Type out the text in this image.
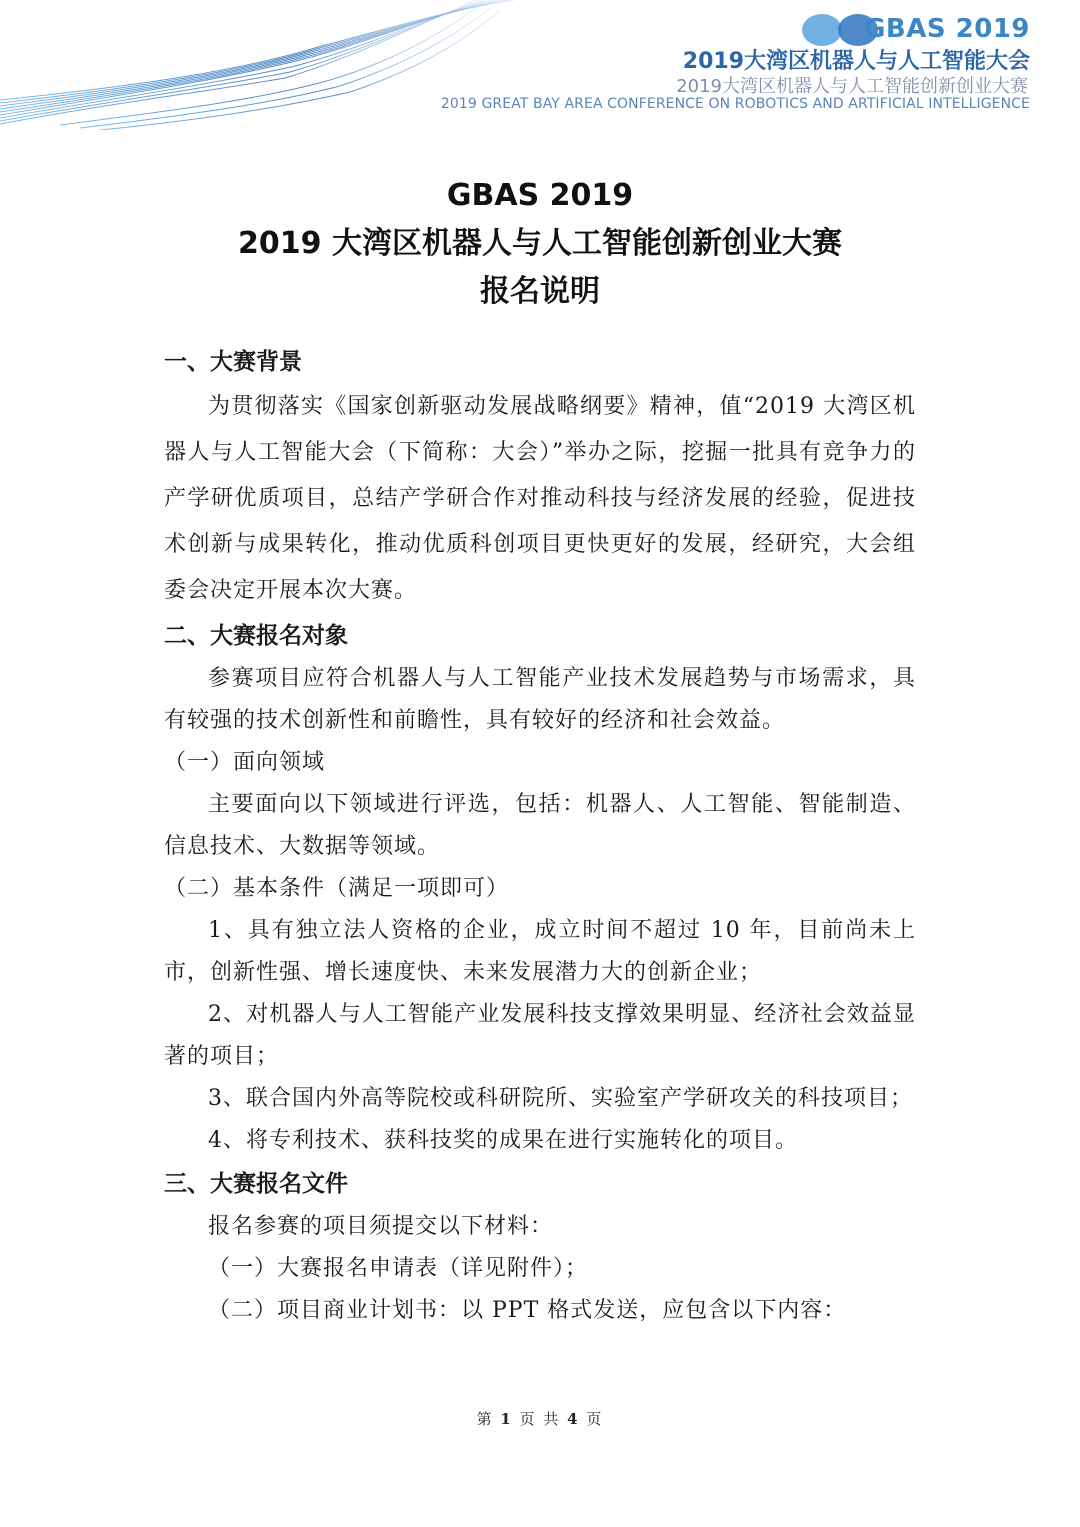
GBAS 2019
2019大湾区机器人与人工智能大会
2019大湾区机器人与人工智能创新创业大赛
2019 GREAT BAY AREA CONFERENCE ON ROBOTICS AND ARTIFICIAL INTELLIGENCE
GBAS 2019
2019 大湾区机器人与人工智能创新创业大赛
报名说明

一、大赛背景

为贯彻落实《国家创新驱动发展战略纲要》精神，值“2019 大湾区机器人与人工智能大会（下简称：大会）”举办之际，挖掘一批具有竞争力的产学研优质项目，总结产学研合作对推动科技与经济发展的经验，促进技术创新与成果转化，推动优质科创项目更快更好的发展，经研究，大会组委会决定开展本次大赛。

二、大赛报名对象

参赛项目应符合机器人与人工智能产业技术发展趋势与市场需求，具有较强的技术创新性和前瞻性，具有较好的经济和社会效益。

（一）面向领域

主要面向以下领域进行评选，包括：机器人、人工智能、智能制造、信息技术、大数据等领域。

（二）基本条件（满足一项即可）

1、具有独立法人资格的企业，成立时间不超过 10 年，目前尚未上市，创新性强、增长速度快、未来发展潜力大的创新企业；

2、对机器人与人工智能产业发展科技支撑效果明显、经济社会效益显著的项目；

3、联合国内外高等院校或科研院所、实验室产学研攻关的科技项目；

4、将专利技术、获科技奖的成果在进行实施转化的项目。

三、大赛报名文件

报名参赛的项目须提交以下材料：

（一）大赛报名申请表（详见附件）；

（二）项目商业计划书：以 PPT 格式发送，应包含以下内容：

第 1 页 共 4 页
